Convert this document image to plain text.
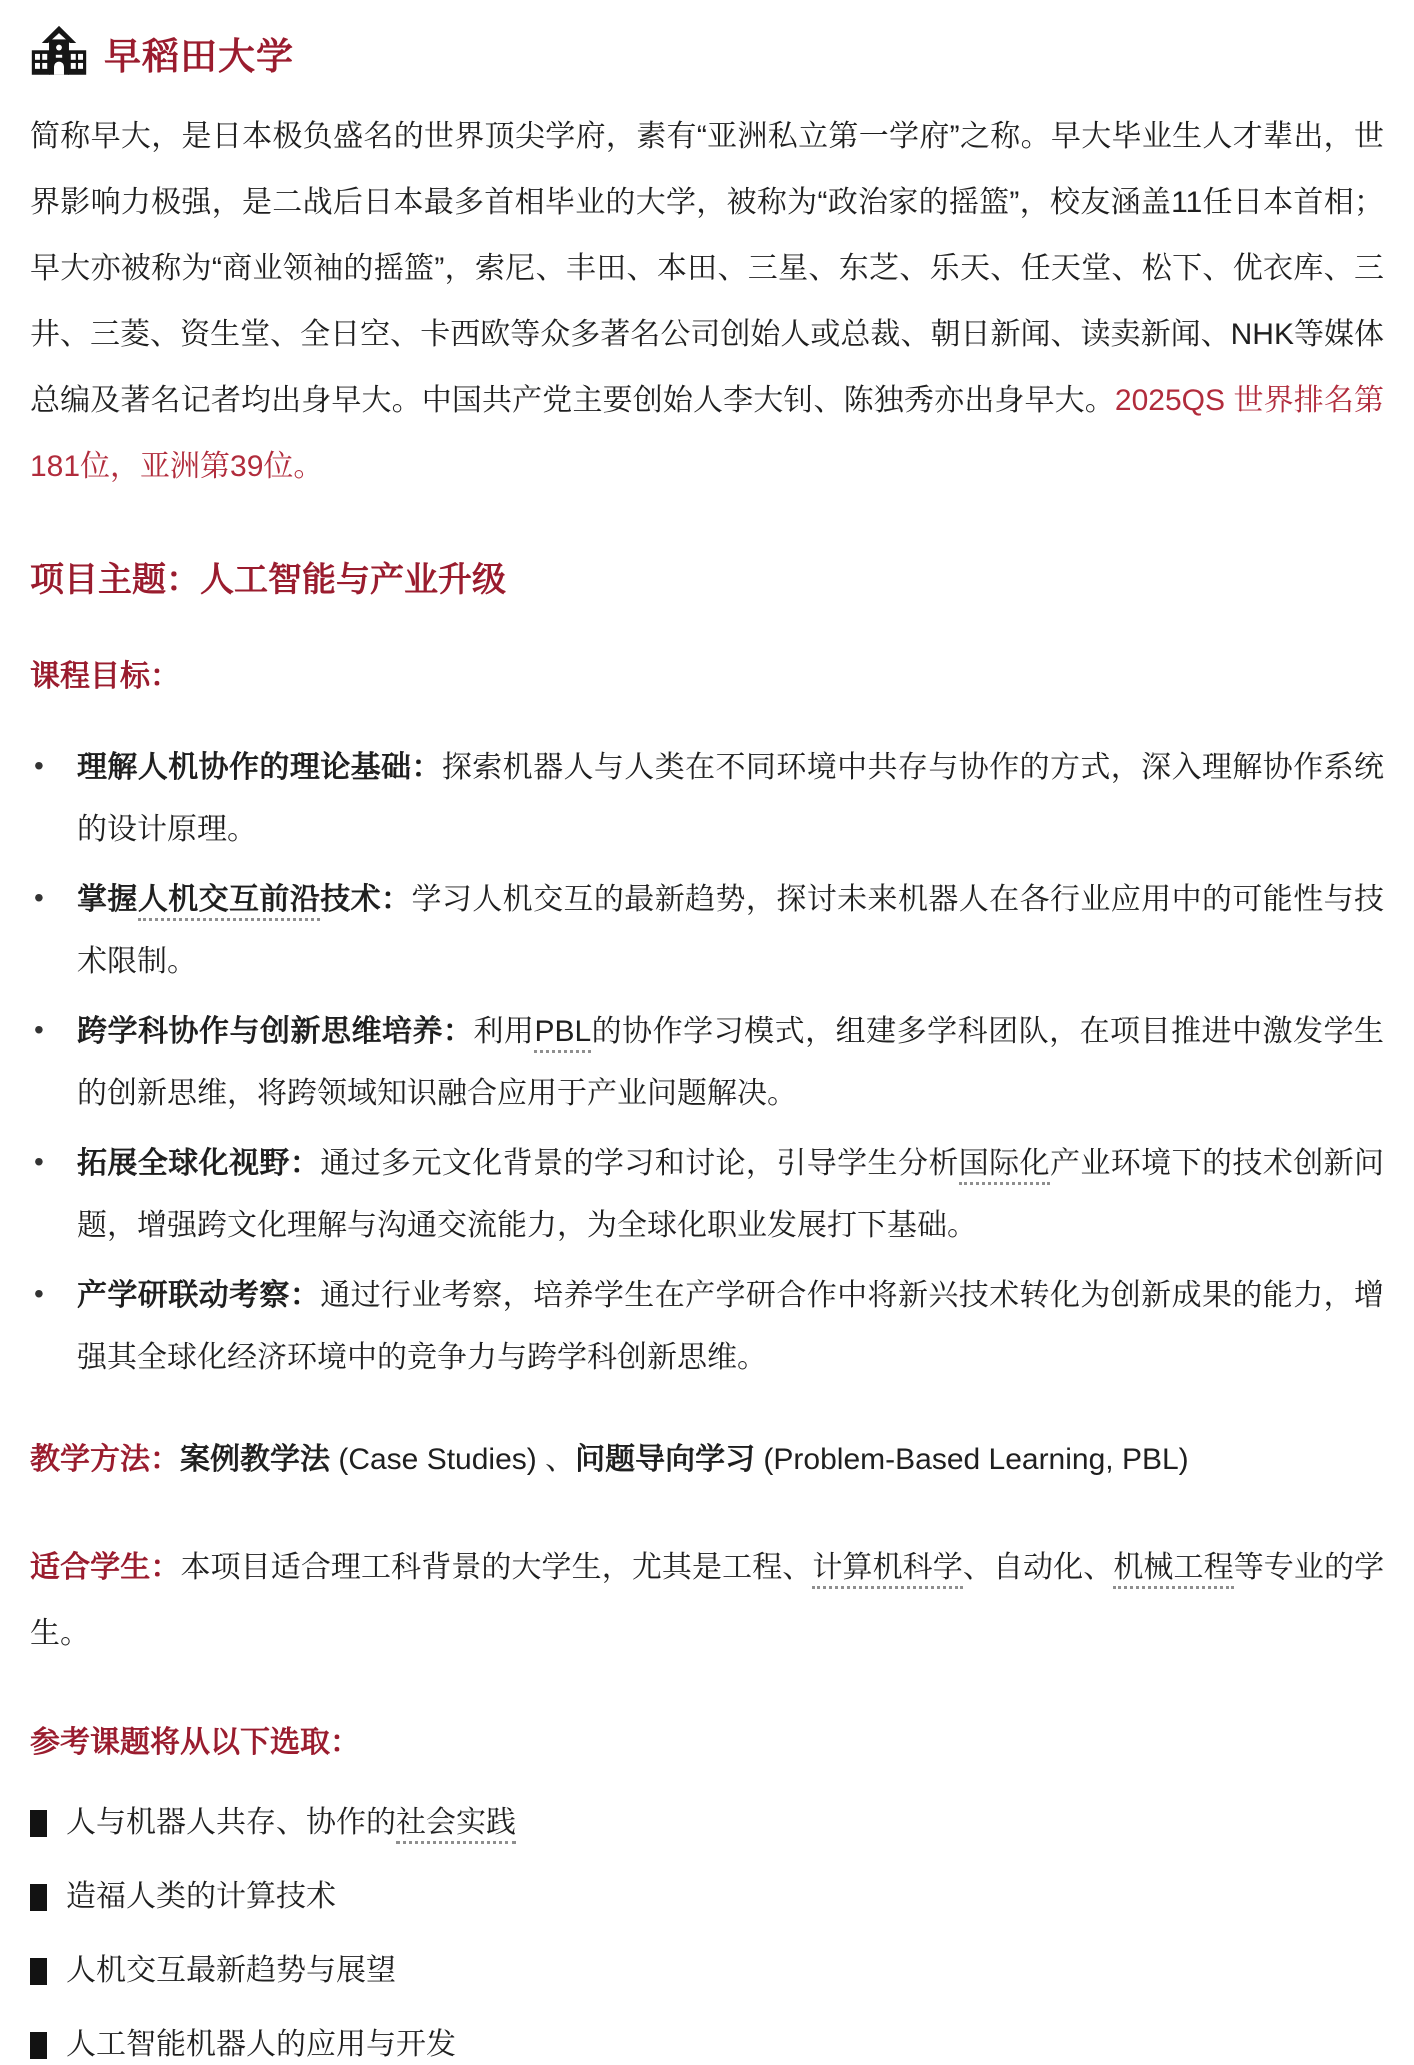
早稻田大学

简称早大，是日本极负盛名的世界顶尖学府，素有“亚洲私立第一学府”之称。早大毕业生人才辈出，世界影响力极强，是二战后日本最多首相毕业的大学，被称为“政治家的摇篮”，校友涵盖11任日本首相；早大亦被称为“商业领袖的摇篮”，索尼、丰田、本田、三星、东芝、乐天、任天堂、松下、优衣库、三井、三菱、资生堂、全日空、卡西欧等众多著名公司创始人或总裁、朝日新闻、读卖新闻、NHK等媒体总编及著名记者均出身早大。中国共产党主要创始人李大钊、陈独秀亦出身早大。2025QS 世界排名第181位，亚洲第39位。

项目主题：人工智能与产业升级
课程目标：
• 理解人机协作的理论基础：探索机器人与人类在不同环境中共存与协作的方式，深入理解协作系统的设计原理。
• 掌握人机交互前沿技术：学习人机交互的最新趋势，探讨未来机器人在各行业应用中的可能性与技术限制。
• 跨学科协作与创新思维培养：利用PBL的协作学习模式，组建多学科团队，在项目推进中激发学生的创新思维，将跨领域知识融合应用于产业问题解决。
• 拓展全球化视野：通过多元文化背景的学习和讨论，引导学生分析国际化产业环境下的技术创新问题，增强跨文化理解与沟通交流能力，为全球化职业发展打下基础。
• 产学研联动考察：通过行业考察，培养学生在产学研合作中将新兴技术转化为创新成果的能力，增强其全球化经济环境中的竞争力与跨学科创新思维。

教学方法：案例教学法 (Case Studies) 、问题导向学习 (Problem-Based Learning, PBL)

适合学生：本项目适合理工科背景的大学生，尤其是工程、计算机科学、自动化、机械工程等专业的学生。

参考课题将从以下选取：
人与机器人共存、协作的社会实践
造福人类的计算技术
人机交互最新趋势与展望
人工智能机器人的应用与开发
